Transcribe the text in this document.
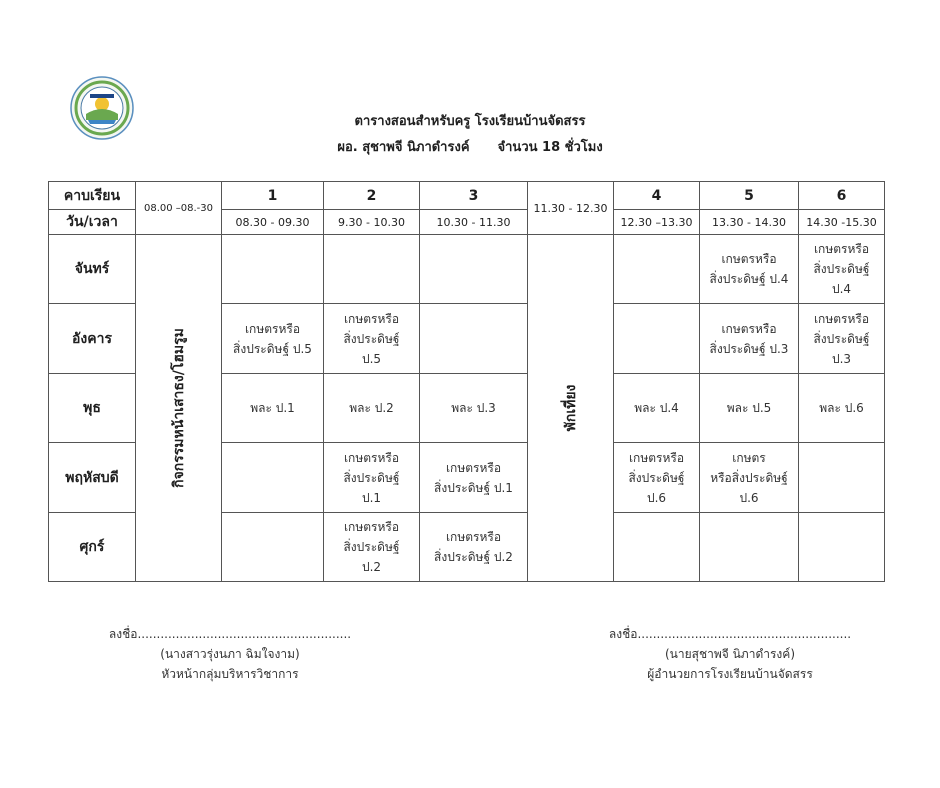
ตารางสอนสำหรับครู โรงเรียนบ้านจัดสรร
ผอ. สุชาพจี นิภาดำรงค์ จำนวน 18 ชั่วโมง
คาบเรียน	08.00 –08.-30	1	2	3	11.30 - 12.30	4	5	6
วัน/เวลา		08.30 - 09.30	9.30 - 10.30	10.30 - 11.30		12.30 –13.30	13.30 - 14.30	14.30 -15.30
จันทร์	กิจกรรมหน้าเสาธง/โฮมรูม				พักเที่ยง		เกษตรหรือ
สิ่งประดิษฐ์ ป.4	เกษตรหรือ
สิ่งประดิษฐ์
ป.4
อังคาร		เกษตรหรือ
สิ่งประดิษฐ์ ป.5	เกษตรหรือ
สิ่งประดิษฐ์
ป.5				เกษตรหรือ
สิ่งประดิษฐ์ ป.3	เกษตรหรือ
สิ่งประดิษฐ์
ป.3
พุธ		พละ ป.1	พละ ป.2	พละ ป.3		พละ ป.4	พละ ป.5	พละ ป.6
พฤหัสบดี			เกษตรหรือ
สิ่งประดิษฐ์
ป.1	เกษตรหรือ
สิ่งประดิษฐ์ ป.1		เกษตรหรือ
สิ่งประดิษฐ์
ป.6	เกษตร
หรือสิ่งประดิษฐ์
ป.6	
ศุกร์			เกษตรหรือ
สิ่งประดิษฐ์
ป.2	เกษตรหรือ
สิ่งประดิษฐ์ ป.2				
ลงชื่อ........................................................
(นางสาวรุ่งนภา ฉิมใจงาม)
หัวหน้ากลุ่มบริหารวิชาการ
ลงชื่อ........................................................
(นายสุชาพจี นิภาดำรงค์)
ผู้อำนวยการโรงเรียนบ้านจัดสรร
